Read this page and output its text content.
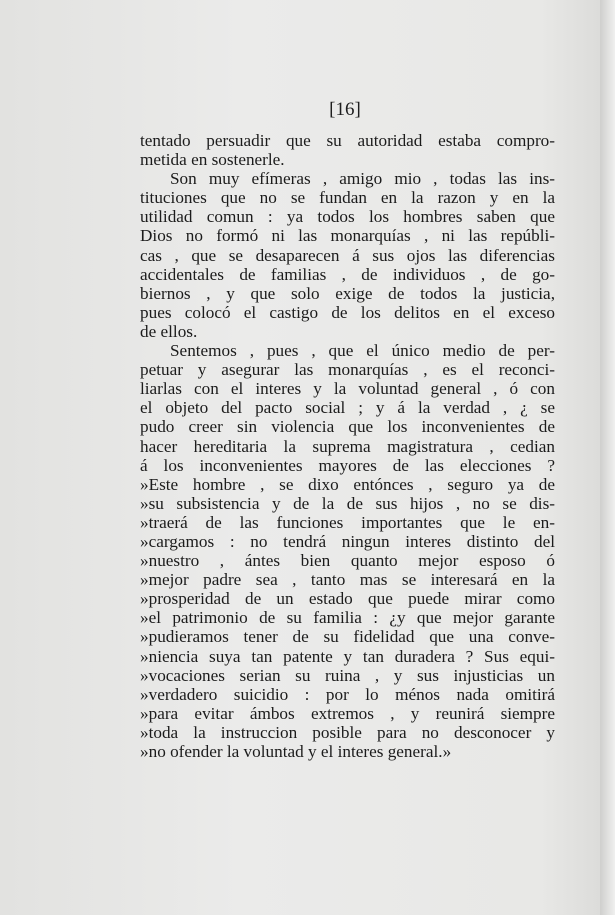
[16]
tentado persuadir que su autoridad estaba compro-
metida en sostenerle.
Son muy efímeras , amigo mio , todas las ins-
tituciones que no se fundan en la razon y en la
utilidad comun : ya todos los hombres saben que
Dios no formó ni las monarquías , ni las repúbli-
cas , que se desaparecen á sus ojos las diferencias
accidentales de familias , de individuos , de go-
biernos , y que solo exige de todos la justicia,
pues colocó el castigo de los delitos en el exceso
de ellos.
Sentemos , pues , que el único medio de per-
petuar y asegurar las monarquías , es el reconci-
liarlas con el interes y la voluntad general , ó con
el objeto del pacto social ; y á la verdad , ¿ se
pudo creer sin violencia que los inconvenientes de
hacer hereditaria la suprema magistratura , cedian
á los inconvenientes mayores de las elecciones ?
»Este hombre , se dixo entónces , seguro ya de
»su subsistencia y de la de sus hijos , no se dis-
»traerá de las funciones importantes que le en-
»cargamos : no tendrá ningun interes distinto del
»nuestro , ántes bien quanto mejor esposo ó
»mejor padre sea , tanto mas se interesará en la
»prosperidad de un estado que puede mirar como
»el patrimonio de su familia : ¿y que mejor garante
»pudieramos tener de su fidelidad que una conve-
»niencia suya tan patente y tan duradera ? Sus equi-
»vocaciones serian su ruina , y sus injusticias un
»verdadero suicidio : por lo ménos nada omitirá
»para evitar ámbos extremos , y reunirá siempre
»toda la instruccion posible para no desconocer y
»no ofender la voluntad y el interes general.»
